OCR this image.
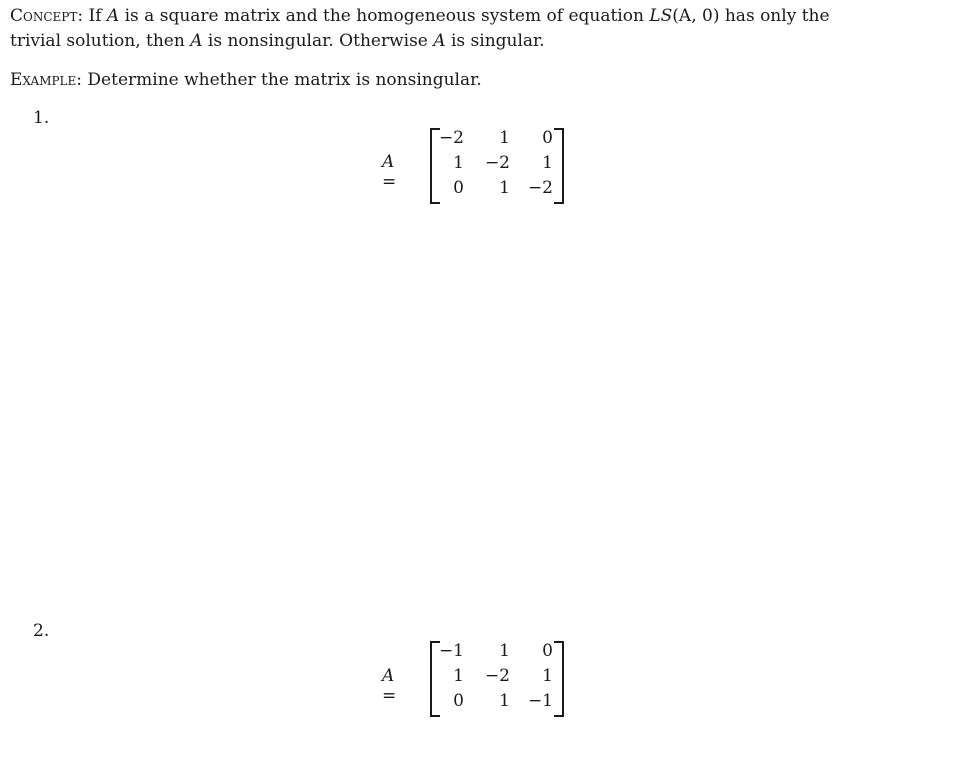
Concept: If A is a square matrix and the homogeneous system of equation LS(A, 0) has only the
trivial solution, then A is nonsingular. Otherwise A is singular.
Example: Determine whether the matrix is nonsingular.
1.
A =
−2	1	0
1	−2	1
0	1	−2
2.
A =
−1	1	0
1	−2	1
0	1	−1
